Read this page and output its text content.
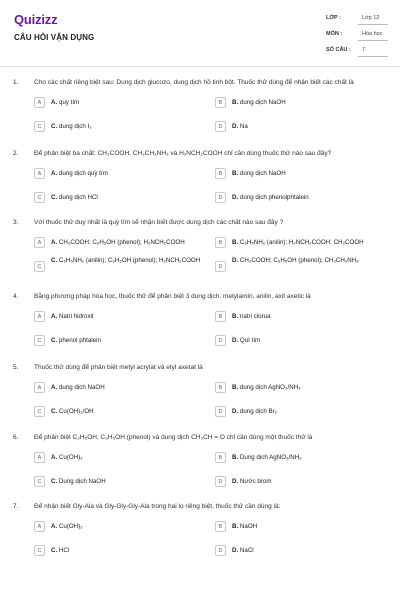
Quizizz
CÂU HỎI VẬN DỤNG
LỚP :	Lớp 12
MÔN :	Hóa học
SỐ CÂU : 7
1. Cho các chất riêng biệt sau: Dung dịch glucozo, dung dịch hồ tinh bột. Thuốc thử dùng để nhận biết các chất là
A	A. quỳ tím	B	B. dung dịch NaOH
C	C. dung dịch I₂	D	D. Na
2. Để phân biệt ba chất: CH₃COOH, CH₃CH₂NH₂ và H₂NCH₂COOH chỉ cần dùng thuốc thử nào sau đây?
A	A. dung dịch quỳ tím	B	B. dung dịch NaOH
C	C. dung dịch HCl	D	D. dung dịch phenolphtalein
3. Với thuốc thử duy nhất là quỳ tím sẽ nhận biết được dung dịch các chất nào sau đây ?
A	A. CH₃COOH; C₆H₅OH (phenol); H₂NCH₂COOH	B	B. C₆H₅NH₂ (anilin); H₂NCH₂COOH; CH₃COOH
C
C. C₆H₅NH₂ (anilin); C₆H₅OH (phenol); H₂NCH₂COOH
D
D. CH₃COOH; C₆H₅OH (phenol); CH₃CH₂NH₂
4. Bằng phương pháp hóa học, thuốc thử để phân biệt 3 dung dịch: metylamin, anilin, axit axetic là
A	A. Natri hidroxit	B	B. natri clorua
C	C. phenol phtalein	D	D. Quì tím
5. Thuốc thử dùng để phân biệt metyl acrylat và etyl axetat là
A	A. dung dịch NaOH	B	B. dung dịch AgNO₃/NH₃
C	C. Cu(OH)₂/OH	D	D. dung dịch Br₂
6. Để phân biệt C₂H₅OH, C₆H₅OH (phenol) và dung dịch CH₃CH = O chỉ cần dùng một thuốc thử là
A	A. Cu(OH)₂	B	B. Dung dịch AgNO₃/NH₃
C	C. Dung dịch NaOH	D	D. Nước brom
7. Để nhận biết Gly-Ala và Gly-Gly-Gly-Ala trong hai lọ riêng biệt, thuốc thử cần dùng là:
A	A. Cu(OH)₂	B	B. NaOH
C	C. HCl	D	D. NaCl
